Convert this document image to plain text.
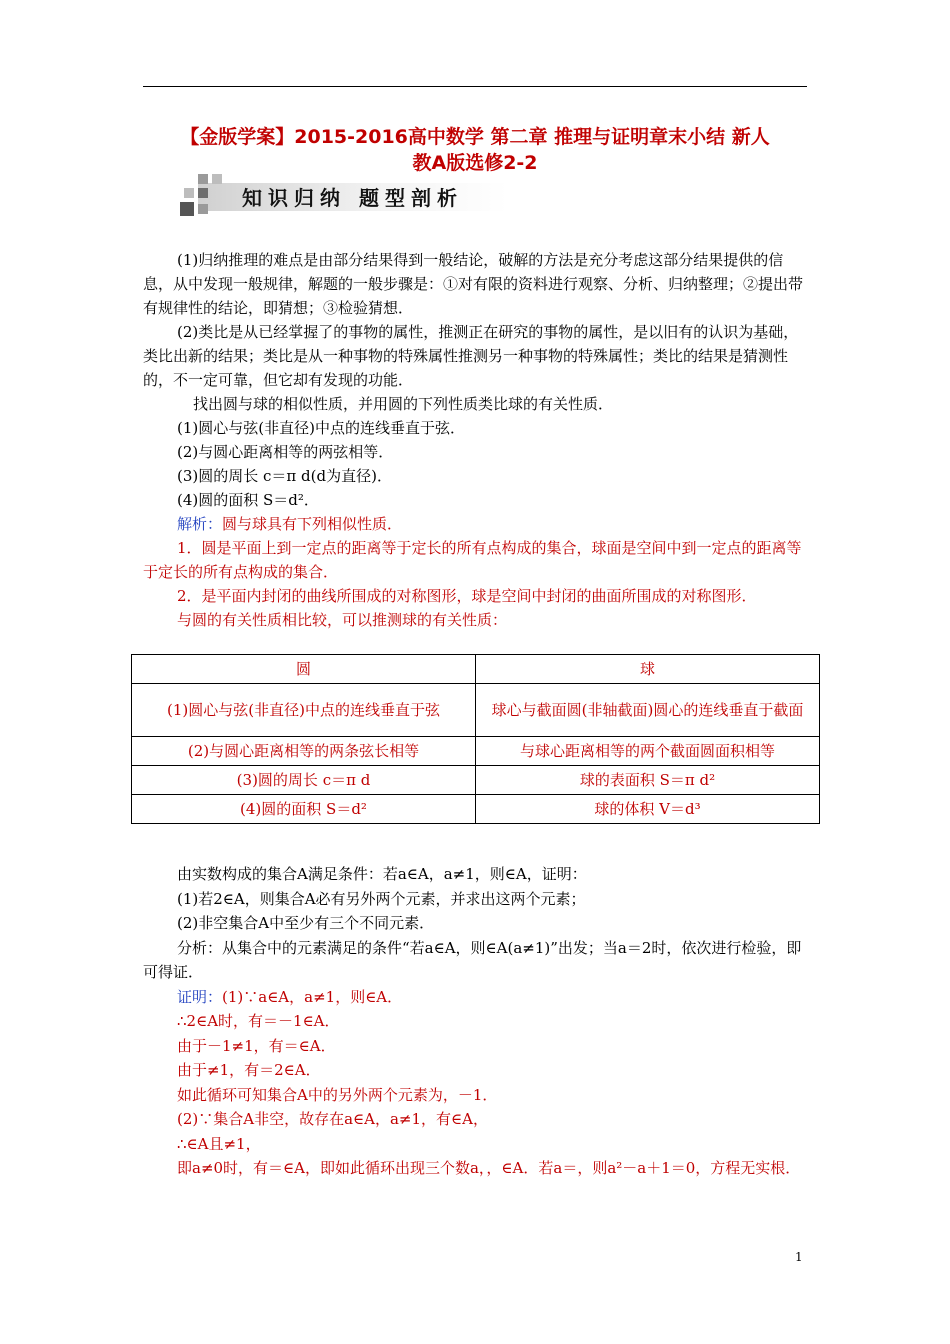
【金版学案】2015-2016高中数学 第二章 推理与证明章末小结 新人
教A版选修2-2
知识归纳 题型剖析

(1)归纳推理的难点是由部分结果得到一般结论，破解的方法是充分考虑这部分结果提供的信息，从中发现一般规律，解题的一般步骤是：①对有限的资料进行观察、分析、归纳整理；②提出带有规律性的结论，即猜想；③检验猜想．

(2)类比是从已经掌握了的事物的属性，推测正在研究的事物的属性，是以旧有的认识为基础，类比出新的结果；类比是从一种事物的特殊属性推测另一种事物的特殊属性；类比的结果是猜测性的，不一定可靠，但它却有发现的功能．

找出圆与球的相似性质，并用圆的下列性质类比球的有关性质．

(1)圆心与弦(非直径)中点的连线垂直于弦．

(2)与圆心距离相等的两弦相等．

(3)圆的周长 c＝π d(d为直径)．

(4)圆的面积 S＝d²．

解析：圆与球具有下列相似性质．

1．圆是平面上到一定点的距离等于定长的所有点构成的集合，球面是空间中到一定点的距离等于定长的所有点构成的集合．

2．是平面内封闭的曲线所围成的对称图形，球是空间中封闭的曲面所围成的对称图形．

与圆的有关性质相比较，可以推测球的有关性质：

圆	球
(1)圆心与弦(非直径)中点的连线垂直于弦	球心与截面圆(非轴截面)圆心的连线垂直于截面
(2)与圆心距离相等的两条弦长相等	与球心距离相等的两个截面圆面积相等
(3)圆的周长 c＝π d	球的表面积 S＝π d²
(4)圆的面积 S＝d²	球的体积 V＝d³

由实数构成的集合A满足条件：若a∈A，a≠1，则∈A，证明：

(1)若2∈A，则集合A必有另外两个元素，并求出这两个元素；

(2)非空集合A中至少有三个不同元素．

分析：从集合中的元素满足的条件“若a∈A，则∈A(a≠1)”出发；当a＝2时，依次进行检验，即可得证．

证明：(1)∵a∈A，a≠1，则∈A．

∴2∈A时，有＝－1∈A．

由于－1≠1，有＝∈A．

由于≠1，有＝2∈A．

如此循环可知集合A中的另外两个元素为，－1．

(2)∵集合A非空，故存在a∈A，a≠1，有∈A，

∴∈A且≠1，

即a≠0时，有＝∈A，即如此循环出现三个数a，，∈A．若a＝，则a²－a＋1＝0，方程无实根．

1
